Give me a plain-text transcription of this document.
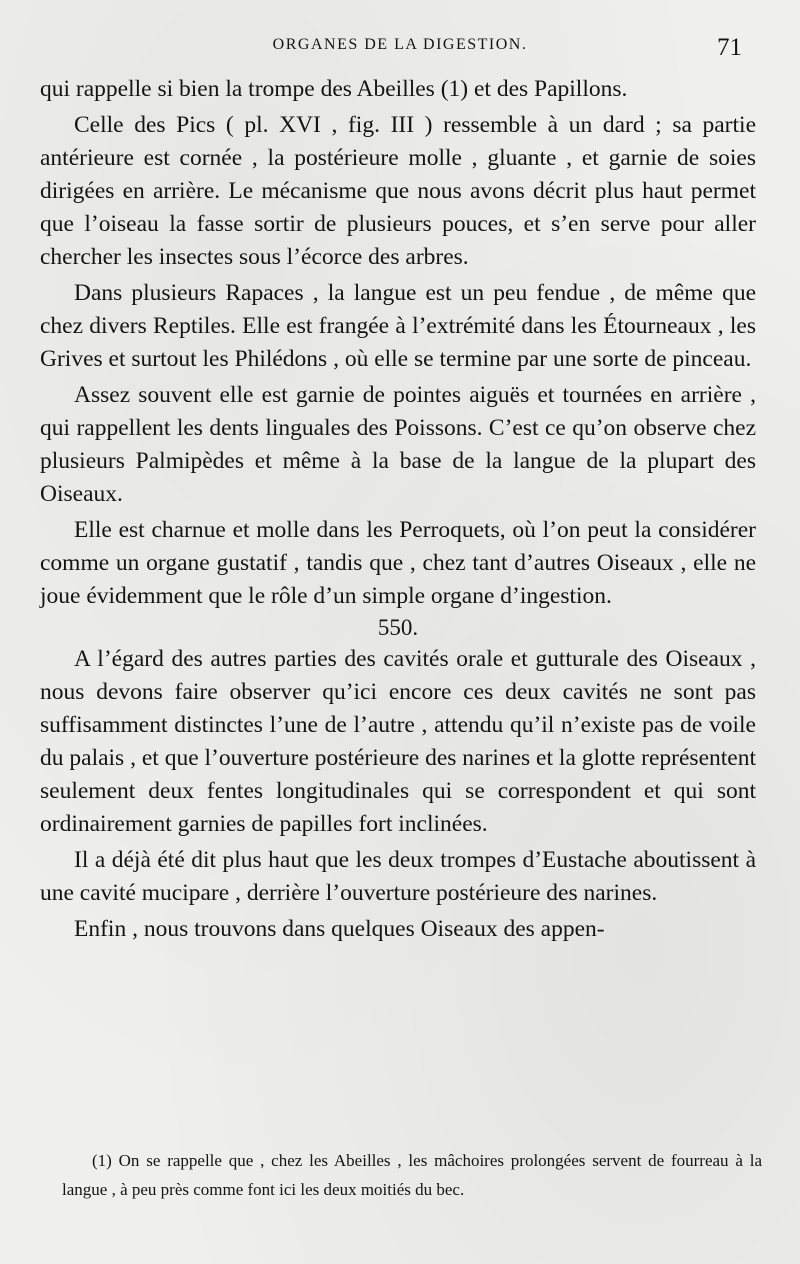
ORGANES DE LA DIGESTION.	71

qui rappelle si bien la trompe des Abeilles (1) et des Papillons.

Celle des Pics ( pl. XVI , fig. III ) ressemble à un dard ; sa partie antérieure est cornée , la postérieure molle , gluante , et garnie de soies dirigées en arrière. Le mécanisme que nous avons décrit plus haut permet que l’oiseau la fasse sortir de plusieurs pouces, et s’en serve pour aller chercher les insectes sous l’écorce des arbres.

Dans plusieurs Rapaces , la langue est un peu fendue , de même que chez divers Reptiles. Elle est frangée à l’extrémité dans les Étourneaux , les Grives et surtout les Philédons , où elle se termine par une sorte de pinceau.

Assez souvent elle est garnie de pointes aiguës et tournées en arrière , qui rappellent les dents linguales des Poissons. C’est ce qu’on observe chez plusieurs Palmipèdes et même à la base de la langue de la plupart des Oiseaux.

Elle est charnue et molle dans les Perroquets, où l’on peut la considérer comme un organe gustatif , tandis que , chez tant d’autres Oiseaux , elle ne joue évidemment que le rôle d’un simple organe d’ingestion.

550.

A l’égard des autres parties des cavités orale et gutturale des Oiseaux , nous devons faire observer qu’ici encore ces deux cavités ne sont pas suffisamment distinctes l’une de l’autre , attendu qu’il n’existe pas de voile du palais , et que l’ouverture postérieure des narines et la glotte représentent seulement deux fentes longitudinales qui se correspondent et qui sont ordinairement garnies de papilles fort inclinées.

Il a déjà été dit plus haut que les deux trompes d’Eustache aboutissent à une cavité mucipare , derrière l’ouverture postérieure des narines.

Enfin , nous trouvons dans quelques Oiseaux des appen-

(1) On se rappelle que , chez les Abeilles , les mâchoires prolongées servent de fourreau à la langue , à peu près comme font ici les deux moitiés du bec.
